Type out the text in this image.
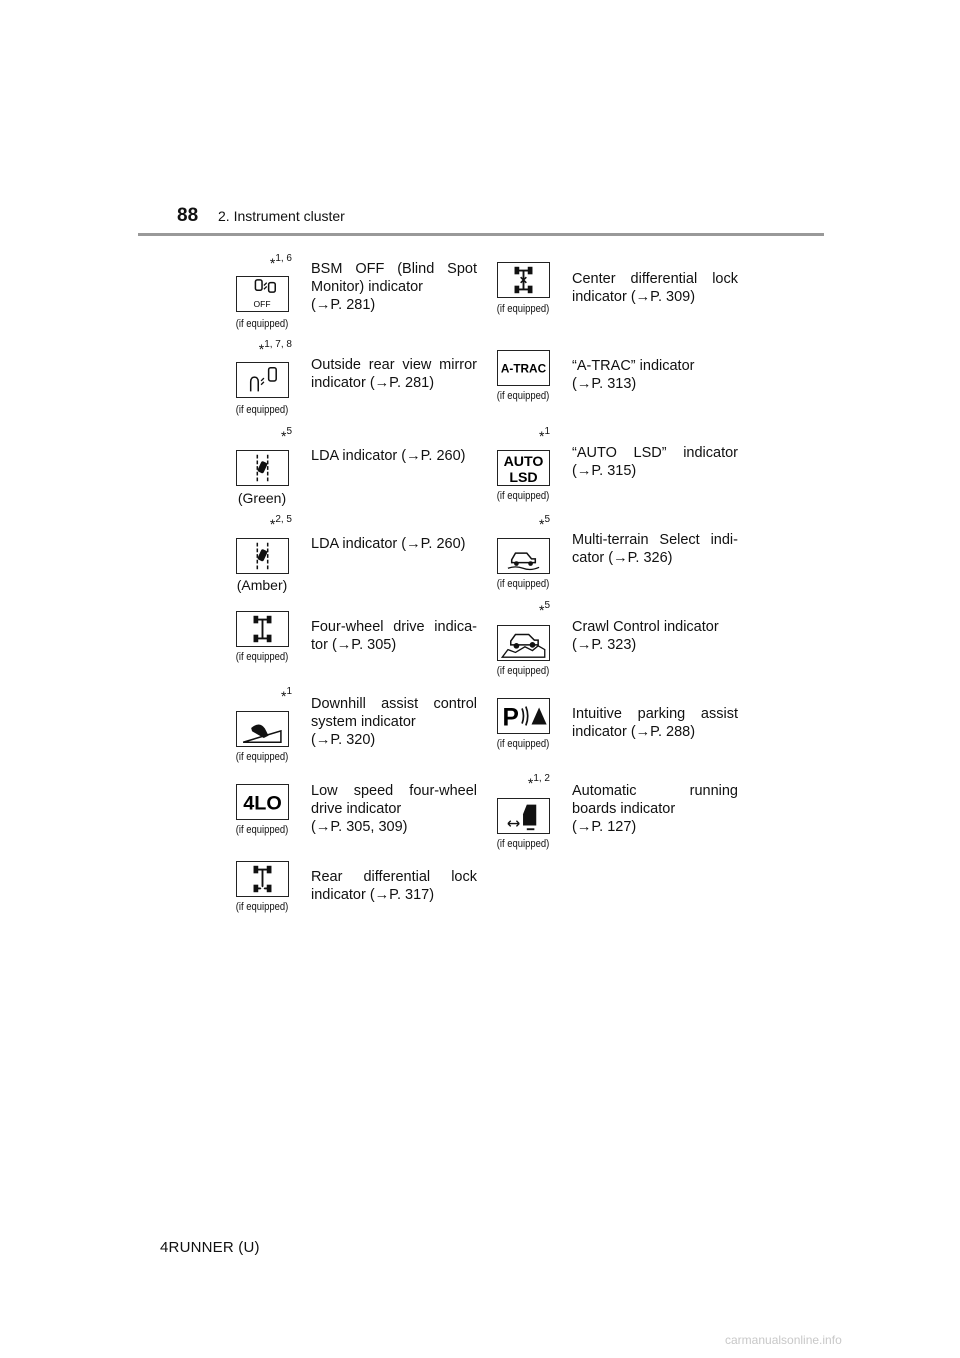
88 2. Instrument cluster
*$^{1, 6}$
OFF
(if equipped)
BSM OFF (Blind Spot
Monitor) indicator
(→P. 281)
*$^{1, 7, 8}$
(if equipped)
Outside rear view mirror
indicator (→P. 281)
*$^5$
(Green)
LDA indicator (→P. 260)
*$^{2, 5}$
(Amber)
LDA indicator (→P. 260)
(if equipped)
Four-wheel drive indica-
tor (→P. 305)
*$^1$
(if equipped)
Downhill assist control
system indicator
(→P. 320)
4LO
(if equipped)
Low speed four-wheel
drive indicator
(→P. 305, 309)
(if equipped)
Rear differential lock
indicator (→P. 317)
(if equipped)
Center differential lock
indicator (→P. 309)
A-TRAC
(if equipped)
“A-TRAC” indicator
(→P. 313)
*$^1$
AUTO
LSD
(if equipped)
“AUTO LSD” indicator
(→P. 315)
*$^5$
(if equipped)
Multi-terrain Select indi-
cator (→P. 326)
*$^5$
(if equipped)
Crawl Control indicator
(→P. 323)
P
(if equipped)
Intuitive parking assist
indicator (→P. 288)
*$^{1, 2}$
(if equipped)
Automatic running
boards indicator
(→P. 127)
4RUNNER (U)
carmanualsonline.info
